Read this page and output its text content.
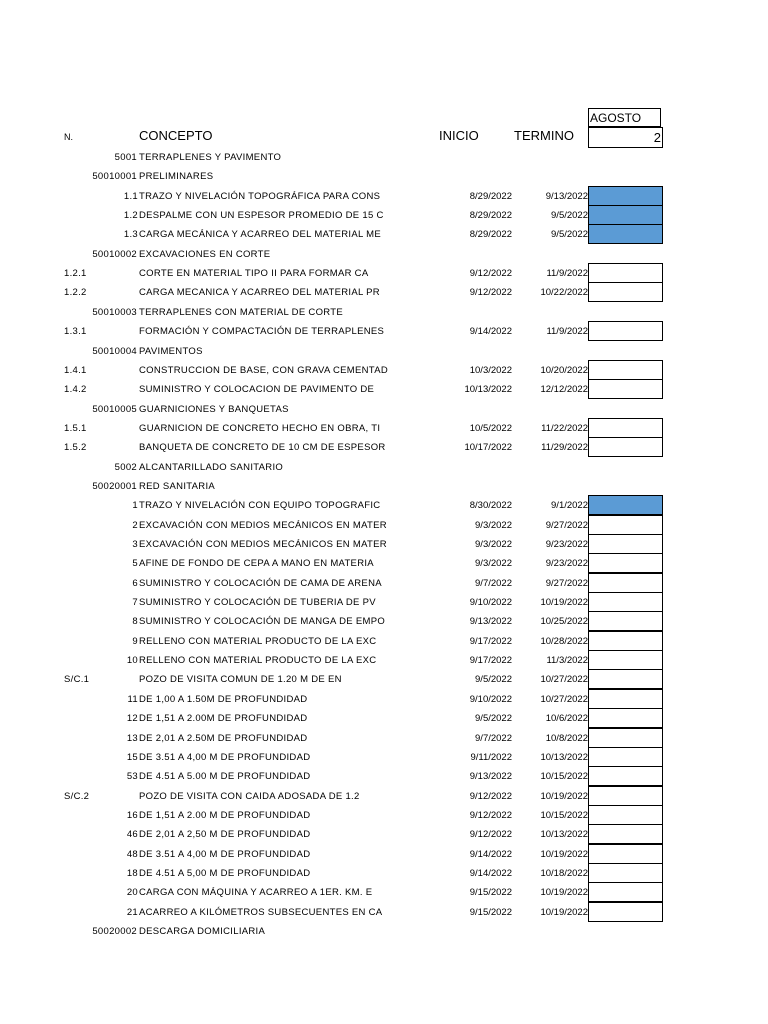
AGOSTO
2
N.	CONCEPTO	INICIO	TERMINO
5001 TERRAPLENES Y PAVIMENTO
50010001 PRELIMINARES
1.1 TRAZO Y NIVELACIÓN TOPOGRÁFICA PARA CONS	8/29/2022	9/13/2022
1.2 DESPALME CON UN ESPESOR PROMEDIO DE 15 C	8/29/2022	9/5/2022
1.3 CARGA MECÁNICA Y ACARREO DEL MATERIAL ME	8/29/2022	9/5/2022
50010002 EXCAVACIONES EN CORTE
1.2.1	CORTE EN MATERIAL TIPO II PARA FORMAR CA	9/12/2022	11/9/2022
1.2.2	CARGA MECANICA Y ACARREO DEL MATERIAL PR	9/12/2022	10/22/2022
50010003 TERRAPLENES CON MATERIAL DE CORTE
1.3.1	FORMACIÓN Y COMPACTACIÓN DE TERRAPLENES	9/14/2022	11/9/2022
50010004 PAVIMENTOS
1.4.1	CONSTRUCCION DE BASE, CON GRAVA CEMENTAD	10/3/2022	10/20/2022
1.4.2	SUMINISTRO Y COLOCACION DE PAVIMENTO DE	10/13/2022	12/12/2022
50010005 GUARNICIONES Y BANQUETAS
1.5.1	GUARNICION DE CONCRETO HECHO EN OBRA, TI	10/5/2022	11/22/2022
1.5.2	BANQUETA DE CONCRETO DE 10 CM DE ESPESOR	10/17/2022	11/29/2022
5002 ALCANTARILLADO SANITARIO
50020001 RED SANITARIA
1 TRAZO Y NIVELACIÓN CON EQUIPO TOPOGRAFIC	8/30/2022	9/1/2022
2 EXCAVACIÓN CON MEDIOS MECÁNICOS EN MATER	9/3/2022	9/27/2022
3 EXCAVACIÓN CON MEDIOS MECÁNICOS EN MATER	9/3/2022	9/23/2022
5 AFINE DE FONDO DE CEPA A MANO EN MATERIA	9/3/2022	9/23/2022
6 SUMINISTRO Y COLOCACIÓN DE CAMA DE ARENA	9/7/2022	9/27/2022
7 SUMINISTRO Y COLOCACIÓN DE TUBERIA DE PV	9/10/2022	10/19/2022
8 SUMINISTRO Y COLOCACIÓN DE MANGA DE EMPO	9/13/2022	10/25/2022
9 RELLENO CON MATERIAL PRODUCTO DE LA EXC	9/17/2022	10/28/2022
10 RELLENO CON MATERIAL PRODUCTO DE LA EXC	9/17/2022	11/3/2022
S/C.1	POZO DE VISITA COMUN DE 1.20 M DE EN	9/5/2022	10/27/2022
11 DE 1,00 A 1.50M DE PROFUNDIDAD	9/10/2022	10/27/2022
12 DE 1,51 A 2.00M DE PROFUNDIDAD	9/5/2022	10/6/2022
13 DE 2,01 A 2.50M DE PROFUNDIDAD	9/7/2022	10/8/2022
15 DE 3.51 A 4,00 M DE PROFUNDIDAD	9/11/2022	10/13/2022
53 DE 4.51 A 5.00 M DE PROFUNDIDAD	9/13/2022	10/15/2022
S/C.2	POZO DE VISITA CON CAIDA ADOSADA DE 1.2	9/12/2022	10/19/2022
16 DE 1,51 A 2.00 M DE PROFUNDIDAD	9/12/2022	10/15/2022
46 DE 2,01 A 2,50 M DE PROFUNDIDAD	9/12/2022	10/13/2022
48 DE 3.51 A 4,00 M DE PROFUNDIDAD	9/14/2022	10/19/2022
18 DE 4.51 A 5,00 M DE PROFUNDIDAD	9/14/2022	10/18/2022
20 CARGA CON MÁQUINA Y ACARREO A 1ER. KM. E	9/15/2022	10/19/2022
21 ACARREO A KILÓMETROS SUBSECUENTES EN CA	9/15/2022	10/19/2022
50020002 DESCARGA DOMICILIARIA
